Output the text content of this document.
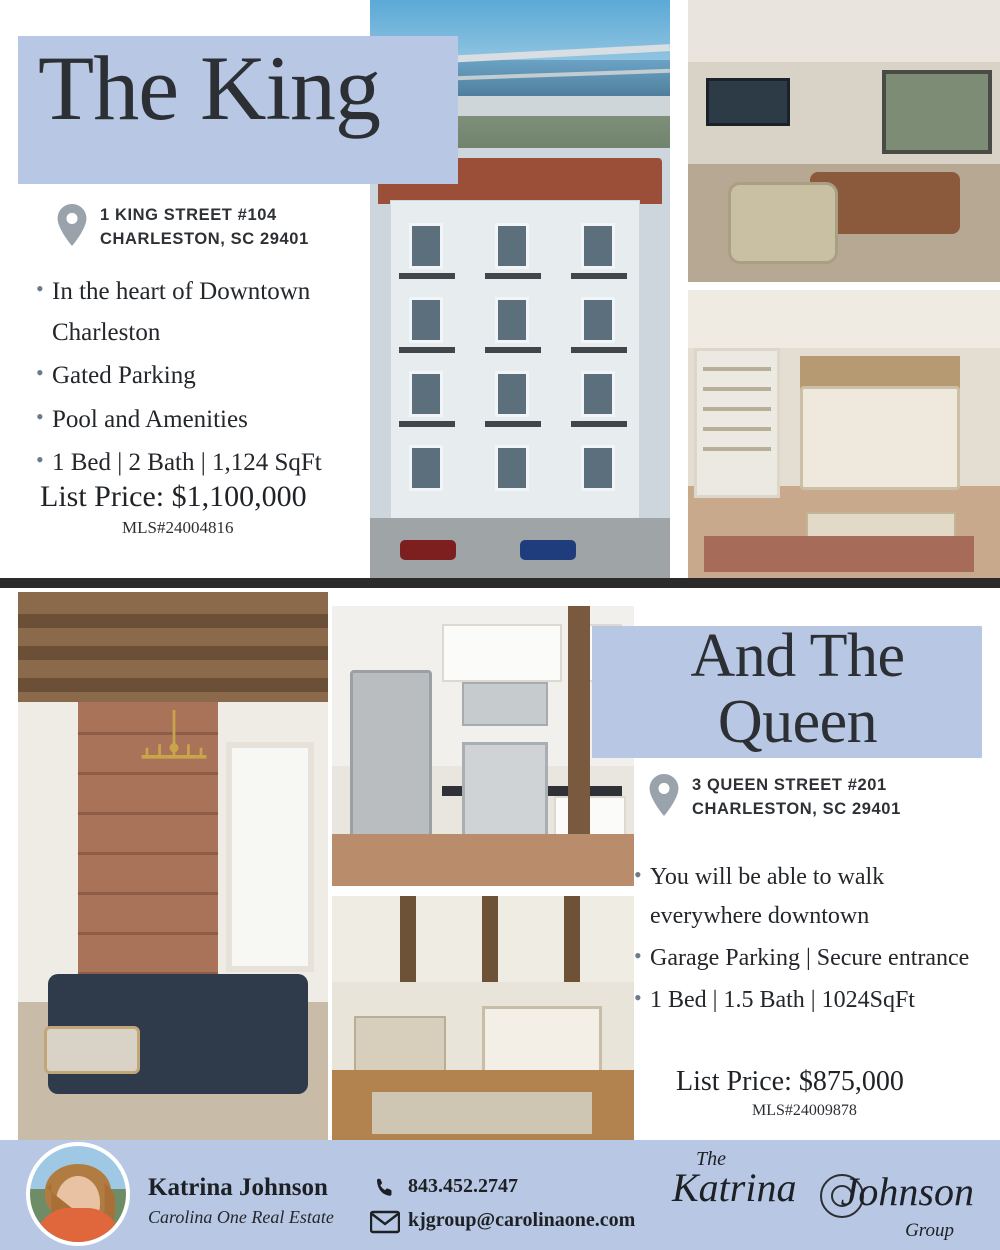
The King
1 KING STREET #104
CHARLESTON, SC 29401
• In the heart of Downtown Charleston
• Gated Parking
• Pool and Amenities
• 1 Bed | 2 Bath | 1,124 SqFt
List Price: $1,100,000
MLS#24004816
And The
Queen
3 QUEEN STREET #201
CHARLESTON, SC 29401
• You will be able to walk everywhere downtown
• Garage Parking | Secure entrance
• 1 Bed | 1.5 Bath | 1024SqFt
List Price: $875,000
MLS#24009878
Katrina Johnson
Carolina One Real Estate
843.452.2747
kjgroup@carolinaone.com
The
Katrina Johnson
Group
